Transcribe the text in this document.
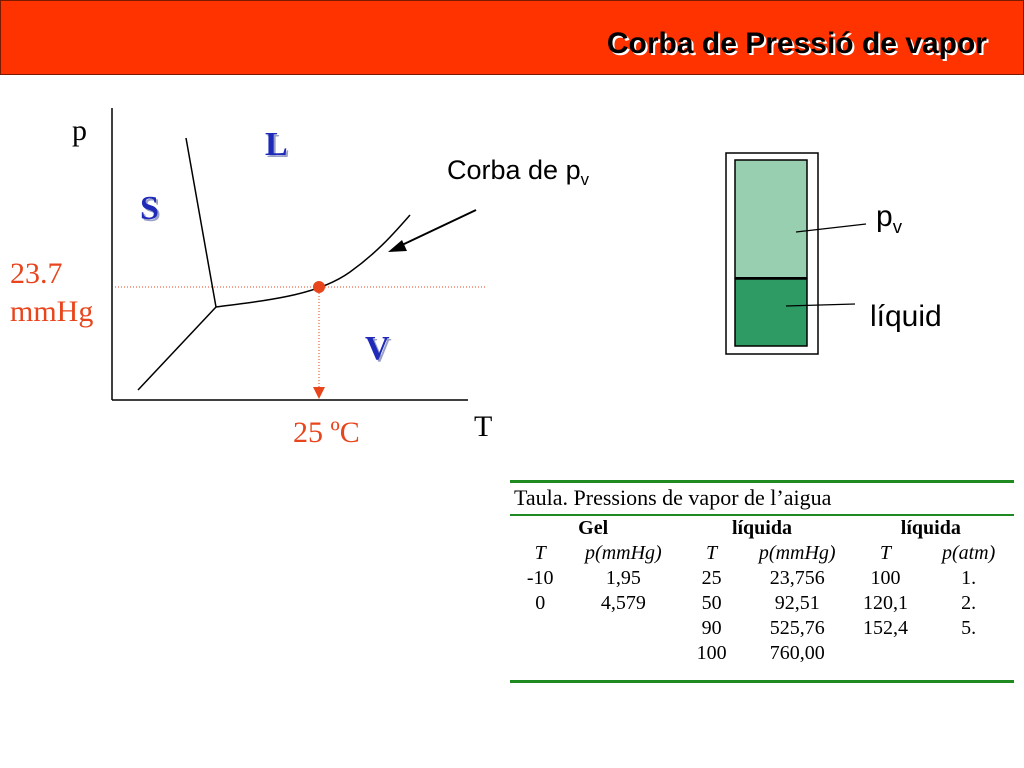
Corba de Pressió de vapor
p
T
S
L
V
Corba de $p_v$
23.7
mmHg
25 ºC
$p_v$
líquid
Taula. Pressions de vapor de l’aigua
Gel		líquida		líquida	
T	p(mmHg)	T	p(mmHg)	T	p(atm)
-10	1,95	25	23,756	100	1.
0	4,579	50	92,51	120,1	2.
		90	525,76	152,4	5.
		100	760,00		
